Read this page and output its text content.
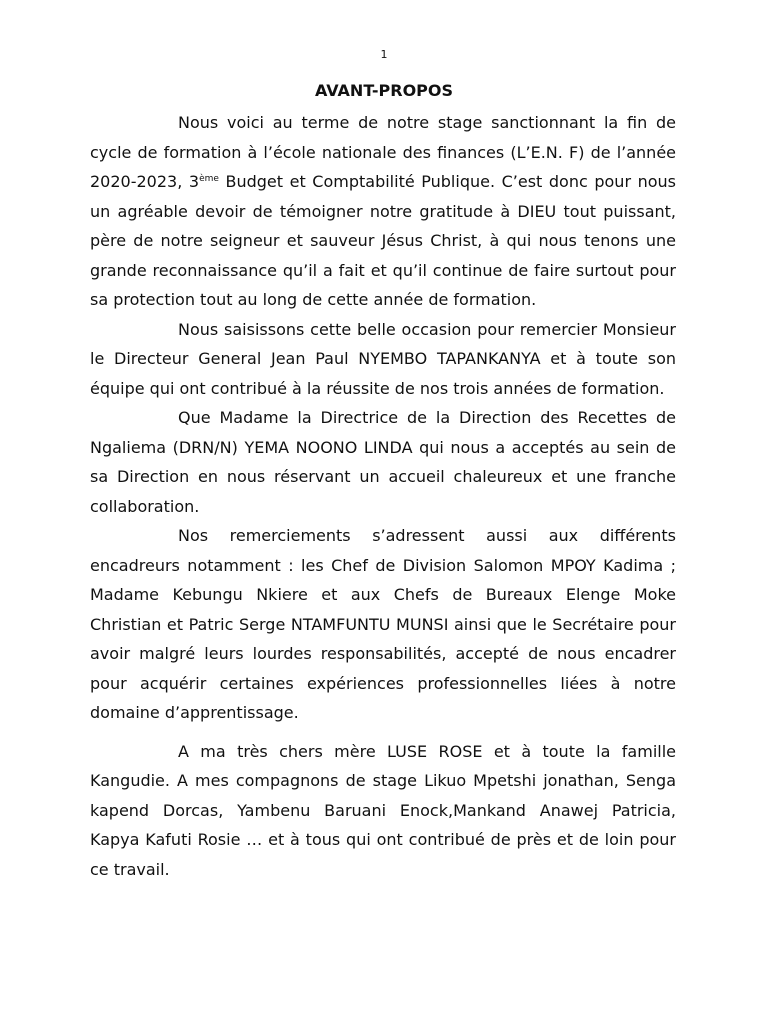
1
AVANT-PROPOS

Nous voici au terme de notre stage sanctionnant la fin de cycle de formation à l’école nationale des finances (L’E.N. F) de l’année 2020-2023, 3ème Budget et Comptabilité Publique. C’est donc pour nous un agréable devoir de témoigner notre gratitude à DIEU tout puissant, père de notre seigneur et sauveur Jésus Christ, à qui nous tenons une grande reconnaissance qu’il a fait et qu’il continue de faire surtout pour sa protection tout au long de cette année de formation.

Nous saisissons cette belle occasion pour remercier Monsieur le Directeur General Jean Paul NYEMBO TAPANKANYA et à toute son équipe qui ont contribué à la réussite de nos trois années de formation.

Que Madame la Directrice de la Direction des Recettes de Ngaliema (DRN/N) YEMA NOONO LINDA qui nous a acceptés au sein de sa Direction en nous réservant un accueil chaleureux et une franche collaboration.

Nos remerciements s’adressent aussi aux différents encadreurs notamment : les Chef de Division Salomon MPOY Kadima ; Madame Kebungu Nkiere et aux Chefs de Bureaux Elenge Moke Christian et Patric Serge NTAMFUNTU MUNSI ainsi que le Secrétaire pour avoir malgré leurs lourdes responsabilités, accepté de nous encadrer pour acquérir certaines expériences professionnelles liées à notre domaine d’apprentissage.

A ma très chers mère LUSE ROSE et à toute la famille Kangudie. A mes compagnons de stage Likuo Mpetshi jonathan, Senga kapend Dorcas, Yambenu Baruani Enock,Mankand Anawej Patricia, Kapya Kafuti Rosie … et à tous qui ont contribué de près et de loin pour ce travail.
